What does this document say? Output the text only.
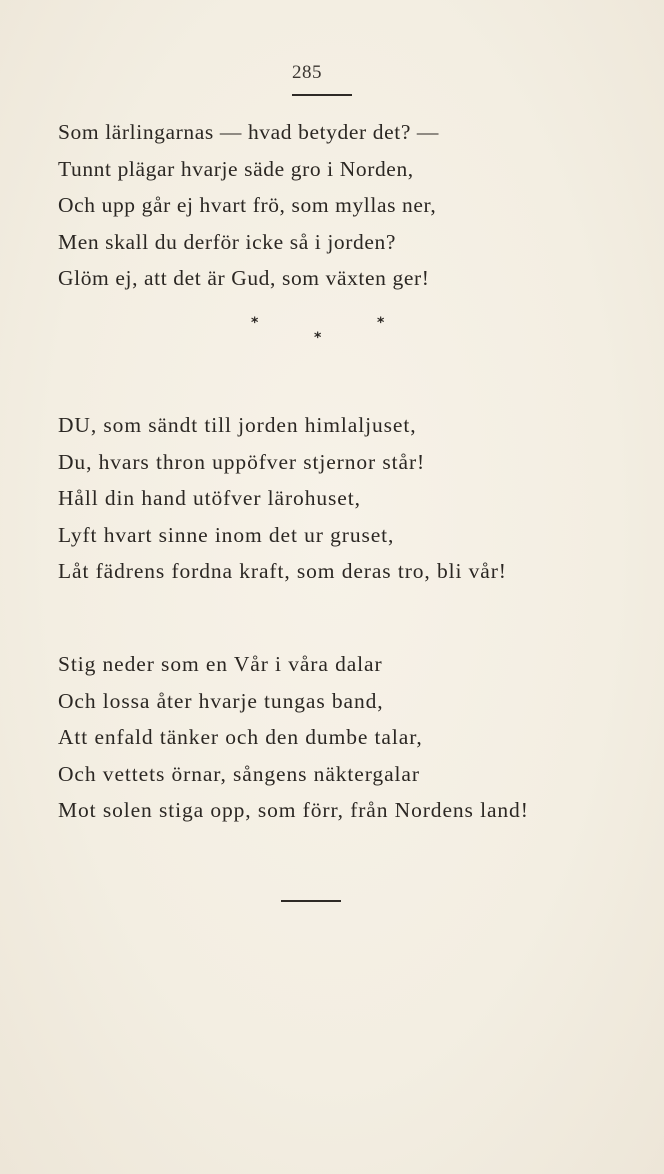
285
Som lärlingarnas — hvad betyder det? —
Tunnt plägar hvarje säde gro i Norden,
Och upp går ej hvart frö, som myllas ner,
Men skall du derför icke så i jorden?
Glöm ej, att det är Gud, som växten ger!
*	*
*
DU, som sändt till jorden himlaljuset,
Du, hvars thron uppöfver stjernor står!
Håll din hand utöfver lärohuset,
Lyft hvart sinne inom det ur gruset,
Låt fädrens fordna kraft, som deras tro, bli vår!
Stig neder som en Vår i våra dalar
Och lossa åter hvarje tungas band,
Att enfald tänker och den dumbe talar,
Och vettets örnar, sångens näktergalar
Mot solen stiga opp, som förr, från Nordens land!
